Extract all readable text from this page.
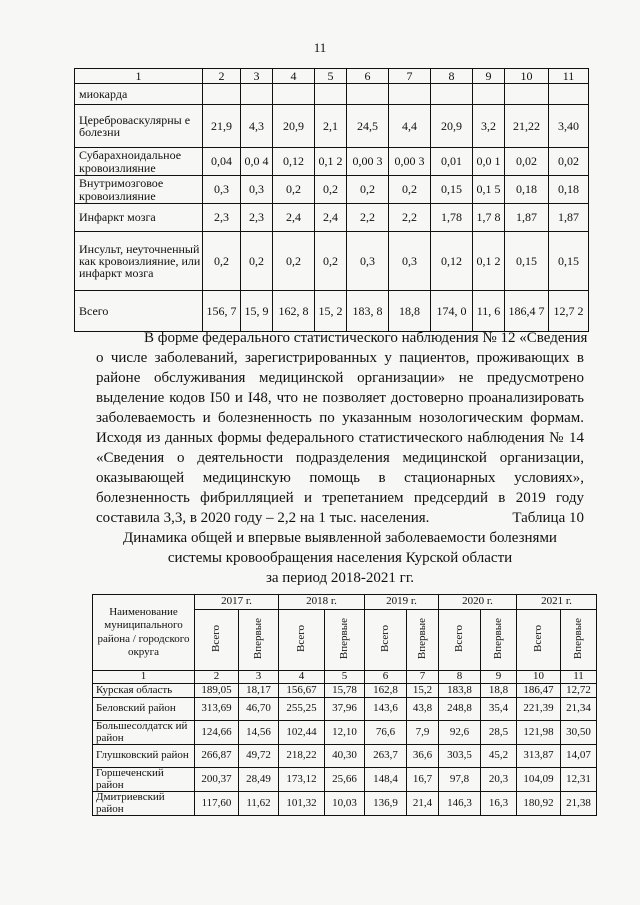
11
1	2	3	4	5	6	7	8	9	10	11
миокарда										
Цереброваскулярны е болезни	21,9	4,3	20,9	2,1	24,5	4,4	20,9	3,2	21,22	3,40
Субарахноидальное кровоизлияние	0,04	0,0 4	0,12	0,1 2	0,00 3	0,00 3	0,01	0,0 1	0,02	0,02
Внутримозговое кровоизлияние	0,3	0,3	0,2	0,2	0,2	0,2	0,15	0,1 5	0,18	0,18
Инфаркт мозга	2,3	2,3	2,4	2,4	2,2	2,2	1,78	1,7 8	1,87	1,87
Инсульт, неуточненный как кровоизлияние, или инфаркт мозга	0,2	0,2	0,2	0,2	0,3	0,3	0,12	0,1 2	0,15	0,15
Всего	156, 7	15, 9	162, 8	15, 2	183, 8	18,8	174, 0	11, 6	186,4 7	12,7 2
В форме федерального статистического наблюдения № 12 «Сведения
о числе заболеваний, зарегистрированных у пациентов, проживающих в
районе обслуживания медицинской организации» не предусмотрено
выделение кодов I50 и I48, что не позволяет достоверно проанализировать
заболеваемость и болезненность по указанным нозологическим формам.
Исходя из данных формы федерального статистического наблюдения № 14
«Сведения о деятельности подразделения медицинской организации,
оказывающей медицинскую помощь в стационарных условиях»,
болезненность фибрилляцией и трепетанием предсердий в 2019 году
составила 3,3, в 2020 году – 2,2 на 1 тыс. населения.	Таблица 10
Динамика общей и впервые выявленной заболеваемости болезнями
системы кровообращения населения Курской области
за период 2018-2021 гг.
Наименование муниципального района / городского округа	2017 г.		2018 г.		2019 г.		2020 г.		2021 г.	
	Всего	Впервые	Всего	Впервые	Всего	Впервые	Всего	Впервые	Всего	Впервые
1	2	3	4	5	6	7	8	9	10	11
Курская область	189,05	18,17	156,67	15,78	162,8	15,2	183,8	18,8	186,47	12,72
Беловский район	313,69	46,70	255,25	37,96	143,6	43,8	248,8	35,4	221,39	21,34
Большесолдатск ий район	124,66	14,56	102,44	12,10	76,6	7,9	92,6	28,5	121,98	30,50
Глушковский район	266,87	49,72	218,22	40,30	263,7	36,6	303,5	45,2	313,87	14,07
Горшеченский район	200,37	28,49	173,12	25,66	148,4	16,7	97,8	20,3	104,09	12,31
Дмитриевский район	117,60	11,62	101,32	10,03	136,9	21,4	146,3	16,3	180,92	21,38
